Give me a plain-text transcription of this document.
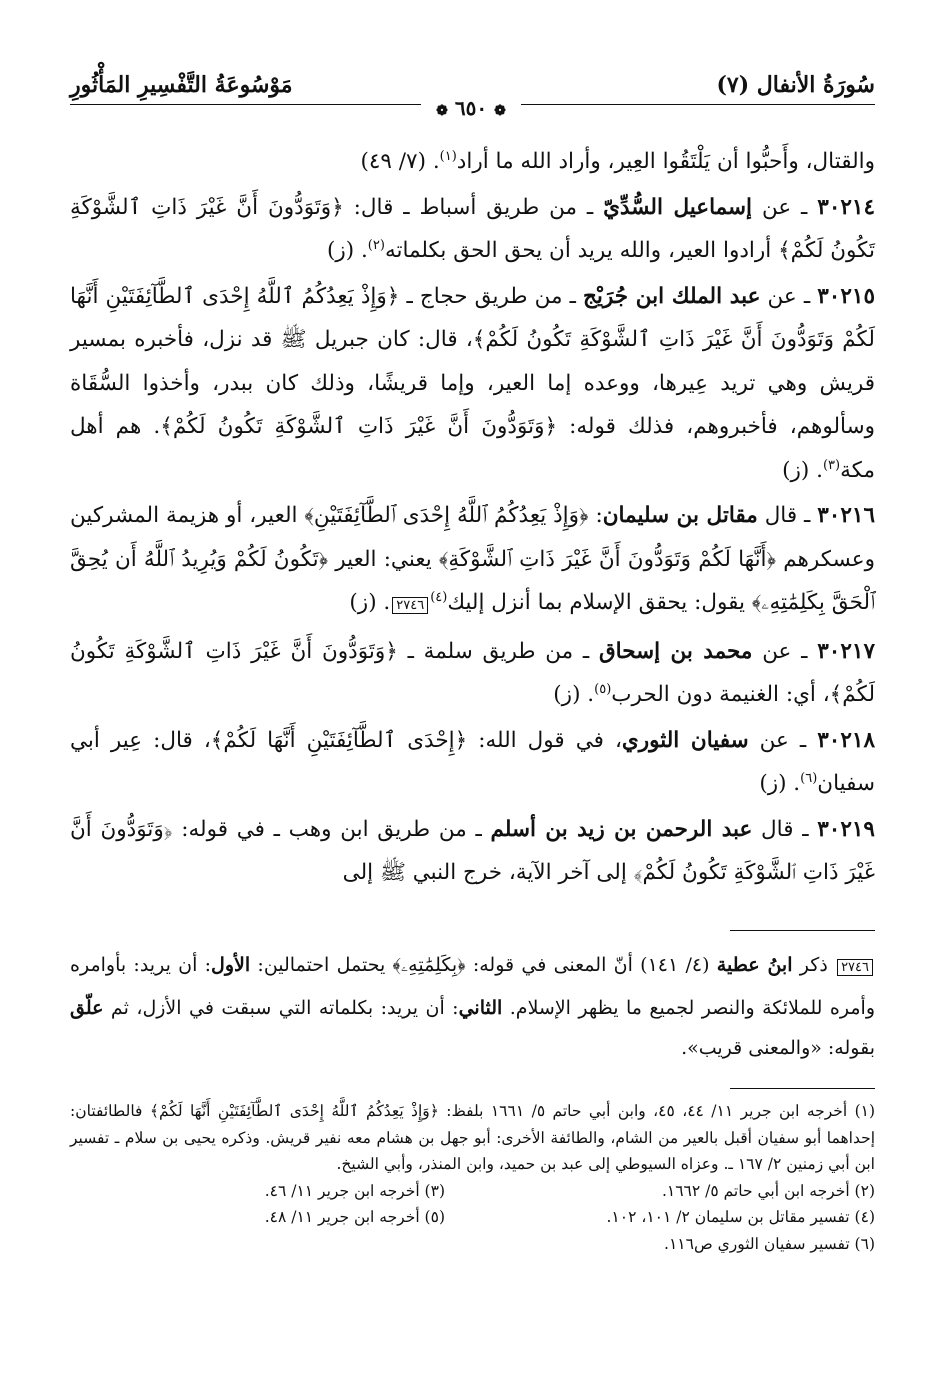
سُورَةُ الأنفال (٧)
مَوْسُوعَةُ التَّفْسِيرِ المَأْثُورِ
❁ ٦٥٠ ❁

والقتال، وأَحبُّوا أن يَلْتَقُوا العِير، وأراد الله ما أراد$^{(١)}$. (٧/ ٤٩)

٣٠٢١٤ ـ عن إسماعيل السُّدِّيّ ـ من طريق أسباط ـ قال: ﴿وَتَوَدُّونَ أَنَّ غَيْرَ ذَاتِ ٱلشَّوْكَةِ تَكُونُ لَكُمْ﴾ أرادوا العير، والله يريد أن يحق الحق بكلماته$^{(٢)}$. (ز)

٣٠٢١٥ ـ عن عبد الملك ابن جُرَيْج ـ من طريق حجاج ـ ﴿وَإِذْ يَعِدُكُمُ ٱللَّهُ إِحْدَى ٱلطَّآئِفَتَيْنِ أَنَّهَا لَكُمْ وَتَوَدُّونَ أَنَّ غَيْرَ ذَاتِ ٱلشَّوْكَةِ تَكُونُ لَكُمْ﴾، قال: كان جبريل ﷺ قد نزل، فأخبره بمسير قريش وهي تريد عِيرها، ووعده إما العير، وإما قريشًا، وذلك كان ببدر، وأخذوا السُّقَاة وسألوهم، فأخبروهم، فذلك قوله: ﴿وَتَوَدُّونَ أَنَّ غَيْرَ ذَاتِ ٱلشَّوْكَةِ تَكُونُ لَكُمْ﴾. هم أهل مكة$^{(٣)}$. (ز)

٣٠٢١٦ ـ قال مقاتل بن سليمان: ﴿وَإِذْ يَعِدُكُمُ ٱللَّهُ إِحْدَى ٱلطَّآئِفَتَيْنِ﴾ العير، أو هزيمة المشركين وعسكرهم ﴿أَنَّهَا لَكُمْ وَتَوَدُّونَ أَنَّ غَيْرَ ذَاتِ ٱلشَّوْكَةِ﴾ يعني: العير ﴿تَكُونُ لَكُمْ وَيُرِيدُ ٱللَّهُ أَن يُحِقَّ ٱلْحَقَّ بِكَلِمَٰتِهِۦ﴾ يقول: يحقق الإسلام بما أنزل إليك$^{(٤)}$٢٧٤٦. (ز)

٣٠٢١٧ ـ عن محمد بن إسحاق ـ من طريق سلمة ـ ﴿وَتَوَدُّونَ أَنَّ غَيْرَ ذَاتِ ٱلشَّوْكَةِ تَكُونُ لَكُمْ﴾، أي: الغنيمة دون الحرب$^{(٥)}$. (ز)

٣٠٢١٨ ـ عن سفيان الثوري، في قول الله: ﴿إِحْدَى ٱلطَّآئِفَتَيْنِ أَنَّهَا لَكُمْ﴾، قال: عِير أبي سفيان$^{(٦)}$. (ز)

٣٠٢١٩ ـ قال عبد الرحمن بن زيد بن أسلم ـ من طريق ابن وهب ـ في قوله: ﴿وَتَوَدُّونَ أَنَّ غَيْرَ ذَاتِ ٱلشَّوْكَةِ تَكُونُ لَكُمْ﴾ إلى آخر الآية، خرج النبي ﷺ إلى

٢٧٤٦ ذكر ابنُ عطية (٤/ ١٤١) أنّ المعنى في قوله: ﴿بِكَلِمَٰتِهِۦ﴾ يحتمل احتمالين: الأول: أن يريد: بأوامره وأمره للملائكة والنصر لجميع ما يظهر الإسلام. الثاني: أن يريد: بكلماته التي سبقت في الأزل، ثم علّق بقوله: «والمعنى قريب».
(١) أخرجه ابن جرير ١١/ ٤٤، ٤٥، وابن أبي حاتم ٥/ ١٦٦١ بلفظ: ﴿وَإِذْ يَعِدُكُمُ ٱللَّهُ إِحْدَى ٱلطَّآئِفَتَيْنِ أَنَّهَا لَكُمْ﴾ فالطائفتان: إحداهما أبو سفيان أقبل بالعير من الشام، والطائفة الأخرى: أبو جهل بن هشام معه نفير قريش. وذكره يحيى بن سلام ـ تفسير ابن أبي زمنين ٢/ ١٦٧ ـ. وعزاه السيوطي إلى عبد بن حميد، وابن المنذر، وأبي الشيخ.
(٢) أخرجه ابن أبي حاتم ٥/ ١٦٦٢.
(٣) أخرجه ابن جرير ١١/ ٤٦.
(٤) تفسير مقاتل بن سليمان ٢/ ١٠١، ١٠٢.
(٥) أخرجه ابن جرير ١١/ ٤٨.
(٦) تفسير سفيان الثوري ص١١٦.
